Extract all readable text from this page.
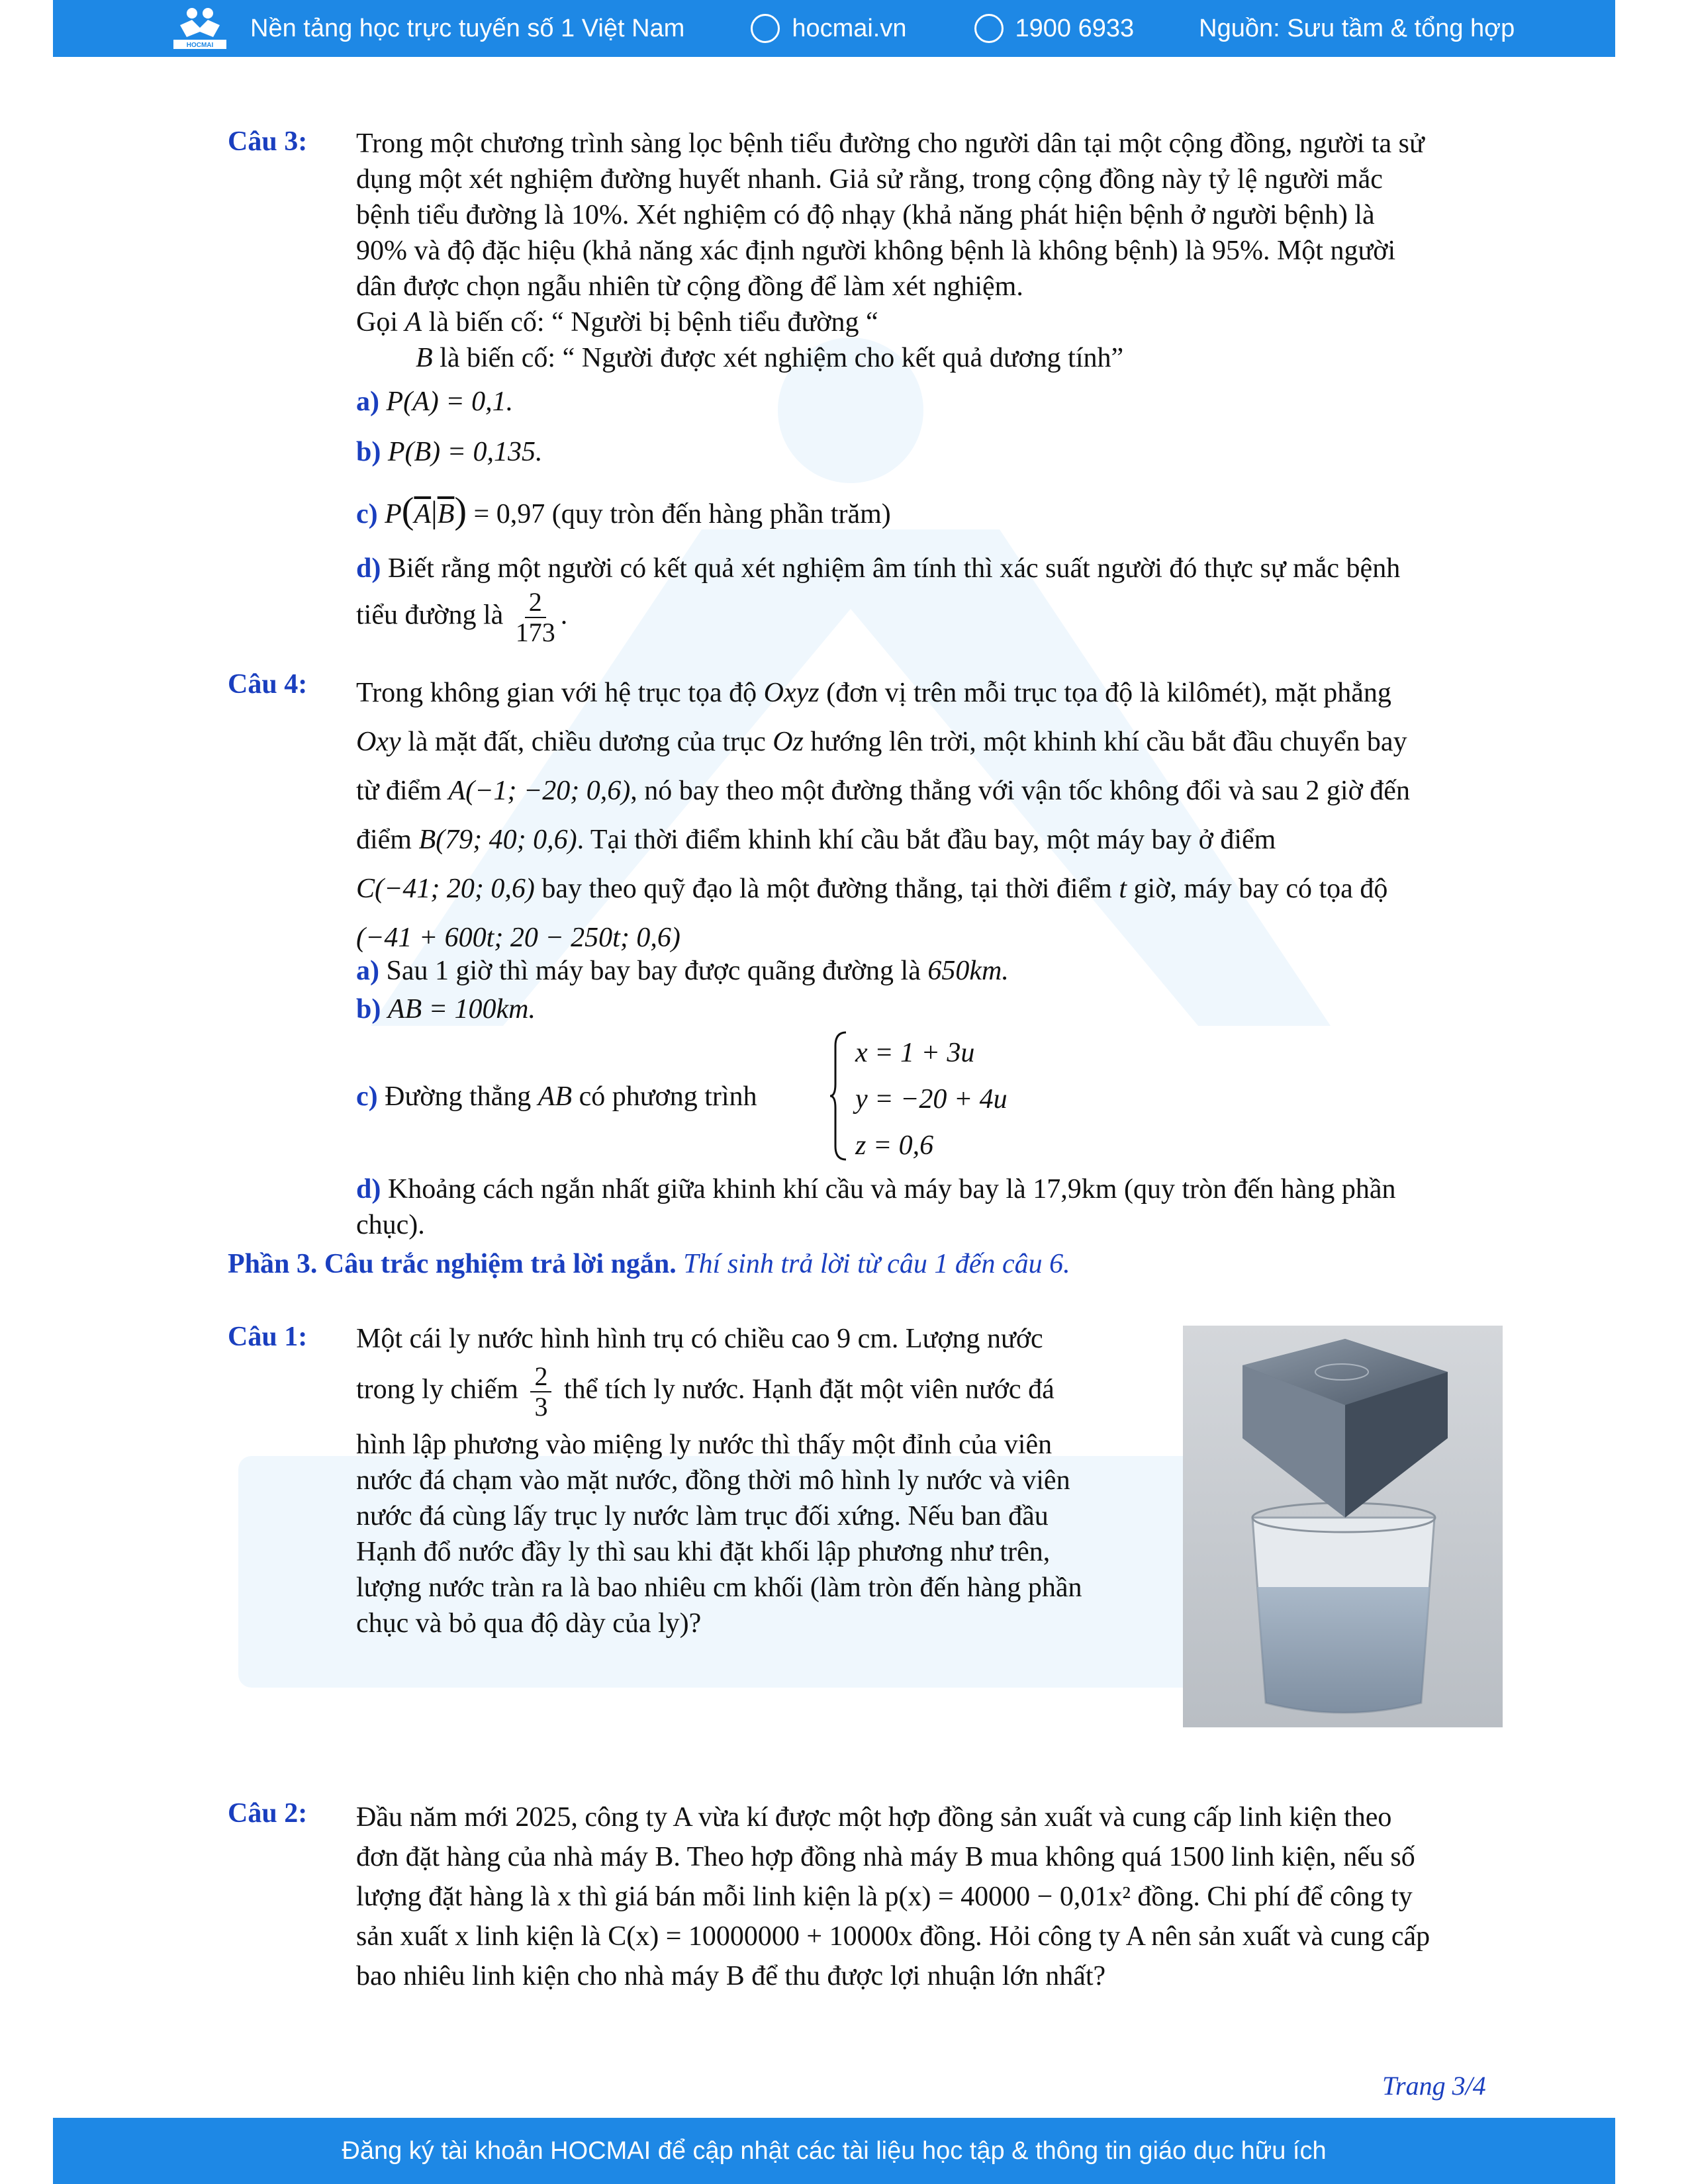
HOCMAI
Nền tảng học trực tuyến số 1 Việt Nam	hocmai.vn	1900 6933	Nguồn: Sưu tầm & tổng hợp
Câu 3: Trong một chương trình sàng lọc bệnh tiểu đường cho người dân tại một cộng đồng, người ta sử
dụng một xét nghiệm đường huyết nhanh. Giả sử rằng, trong cộng đồng này tỷ lệ người mắc
bệnh tiểu đường là 10%. Xét nghiệm có độ nhạy (khả năng phát hiện bệnh ở người bệnh) là
90% và độ đặc hiệu (khả năng xác định người không bệnh là không bệnh) là 95%. Một người
dân được chọn ngẫu nhiên từ cộng đồng để làm xét nghiệm.
Gọi A là biến cố: “ Người bị bệnh tiểu đường “
B là biến cố: “ Người được xét nghiệm cho kết quả dương tính”
a) P(A) = 0,1.
b) P(B) = 0,135.
c) $P(\overline{A}|\overline{B}) = 0,97$ (quy tròn đến hàng phần trăm)
d) Biết rằng một người có kết quả xét nghiệm âm tính thì xác suất người đó thực sự mắc bệnh
tiểu đường là $\frac{2}{173}$ .
Câu 4: Trong không gian với hệ trục tọa độ Oxyz (đơn vị trên mỗi trục tọa độ là kilômét), mặt phẳng
Oxy là mặt đất, chiều dương của trục Oz hướng lên trời, một khinh khí cầu bắt đầu chuyển bay
từ điểm A(−1; −20; 0,6), nó bay theo một đường thẳng với vận tốc không đổi và sau 2 giờ đến
điểm B(79; 40; 0,6). Tại thời điểm khinh khí cầu bắt đầu bay, một máy bay ở điểm
C(−41; 20; 0,6) bay theo quỹ đạo là một đường thẳng, tại thời điểm t giờ, máy bay có tọa độ
(−41 + 600t; 20 − 250t; 0,6)
a) Sau 1 giờ thì máy bay bay được quãng đường là 650km.
b) AB = 100km.
c) Đường thẳng AB có phương trình
x = 1 + 3u
y = −20 + 4u
z = 0,6
d) Khoảng cách ngắn nhất giữa khinh khí cầu và máy bay là 17,9km (quy tròn đến hàng phần
chục).
Phần 3. Câu trắc nghiệm trả lời ngắn. Thí sinh trả lời từ câu 1 đến câu 6.
Câu 1: Một cái ly nước hình hình trụ có chiều cao 9 cm. Lượng nước
trong ly chiếm $\frac{2}{3}$ thể tích ly nước. Hạnh đặt một viên nước đá
hình lập phương vào miệng ly nước thì thấy một đỉnh của viên
nước đá chạm vào mặt nước, đồng thời mô hình ly nước và viên
nước đá cùng lấy trục ly nước làm trục đối xứng. Nếu ban đầu
Hạnh đổ nước đầy ly thì sau khi đặt khối lập phương như trên,
lượng nước tràn ra là bao nhiêu cm khối (làm tròn đến hàng phần
chục và bỏ qua độ dày của ly)?
Câu 2: Đầu năm mới 2025, công ty A vừa kí được một hợp đồng sản xuất và cung cấp linh kiện theo
đơn đặt hàng của nhà máy B. Theo hợp đồng nhà máy B mua không quá 1500 linh kiện, nếu số
lượng đặt hàng là x thì giá bán mỗi linh kiện là p(x) = 40000 − 0,01x² đồng. Chi phí để công ty
sản xuất x linh kiện là C(x) = 10000000 + 10000x đồng. Hỏi công ty A nên sản xuất và cung cấp
bao nhiêu linh kiện cho nhà máy B để thu được lợi nhuận lớn nhất?
Trang 3/4
Đăng ký tài khoản HOCMAI để cập nhật các tài liệu học tập & thông tin giáo dục hữu ích
